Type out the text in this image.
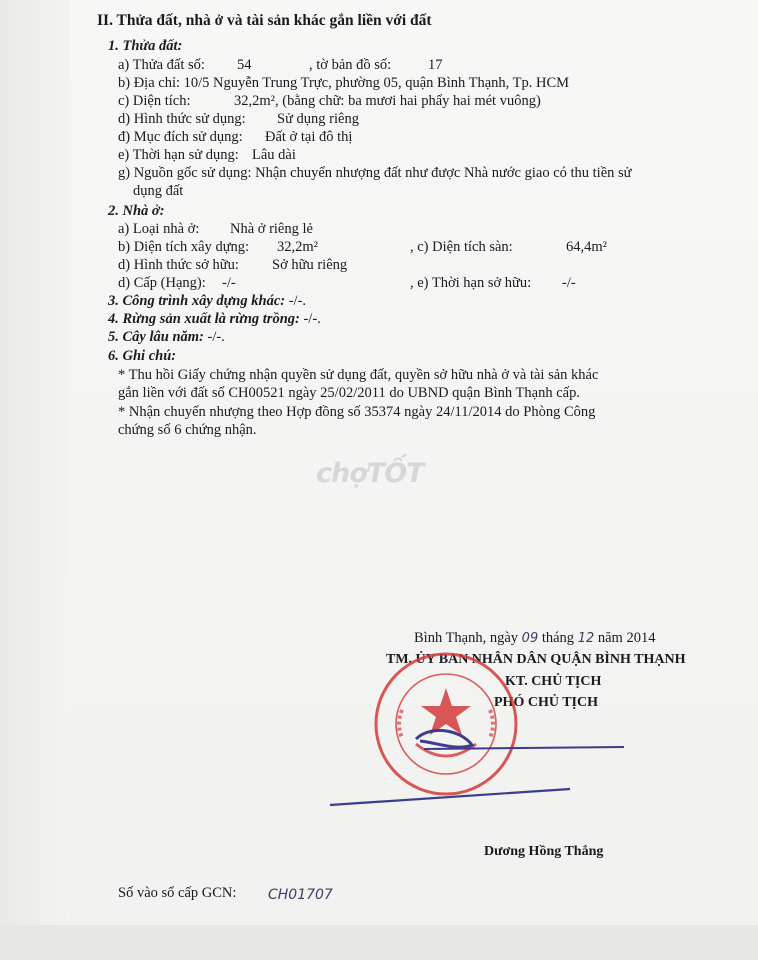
II. Thửa đất, nhà ở và tài sản khác gắn liền với đất
1. Thửa đất:
a) Thửa đất số: 54	, tờ bản đồ số:	17
b) Địa chỉ: 10/5 Nguyễn Trung Trực, phường 05, quận Bình Thạnh, Tp. HCM
c) Diện tích:	32,2m², (bằng chữ: ba mươi hai phẩy hai mét vuông)
d) Hình thức sử dụng: Sử dụng riêng
đ) Mục đích sử dụng: Đất ở tại đô thị
e) Thời hạn sử dụng: Lâu dài
g) Nguồn gốc sử dụng: Nhận chuyển nhượng đất như được Nhà nước giao có thu tiền sử
dụng đất
2. Nhà ở:
a) Loại nhà ở: Nhà ở riêng lẻ
b) Diện tích xây dựng: 32,2m²	, c) Diện tích sàn:	64,4m²
d) Hình thức sở hữu: Sở hữu riêng
d) Cấp (Hạng): -/-	, e) Thời hạn sở hữu: -/-
3. Công trình xây dựng khác: -/-.
4. Rừng sản xuất là rừng trồng: -/-.
5. Cây lâu năm: -/-.
6. Ghi chú:
* Thu hồi Giấy chứng nhận quyền sử dụng đất, quyền sở hữu nhà ở và tài sản khác
gắn liền với đất số CH00521 ngày 25/02/2011 do UBND quận Bình Thạnh cấp.
* Nhận chuyển nhượng theo Hợp đồng số 35374 ngày 24/11/2014 do Phòng Công
chứng số 6 chứng nhận.
chợTỐT
Bình Thạnh, ngày 09 tháng 12 năm 2014
TM. ỦY BAN NHÂN DÂN QUẬN BÌNH THẠNH
KT. CHỦ TỊCH
PHÓ CHỦ TỊCH
Dương Hồng Thắng
Số vào sổ cấp GCN: CH01707
